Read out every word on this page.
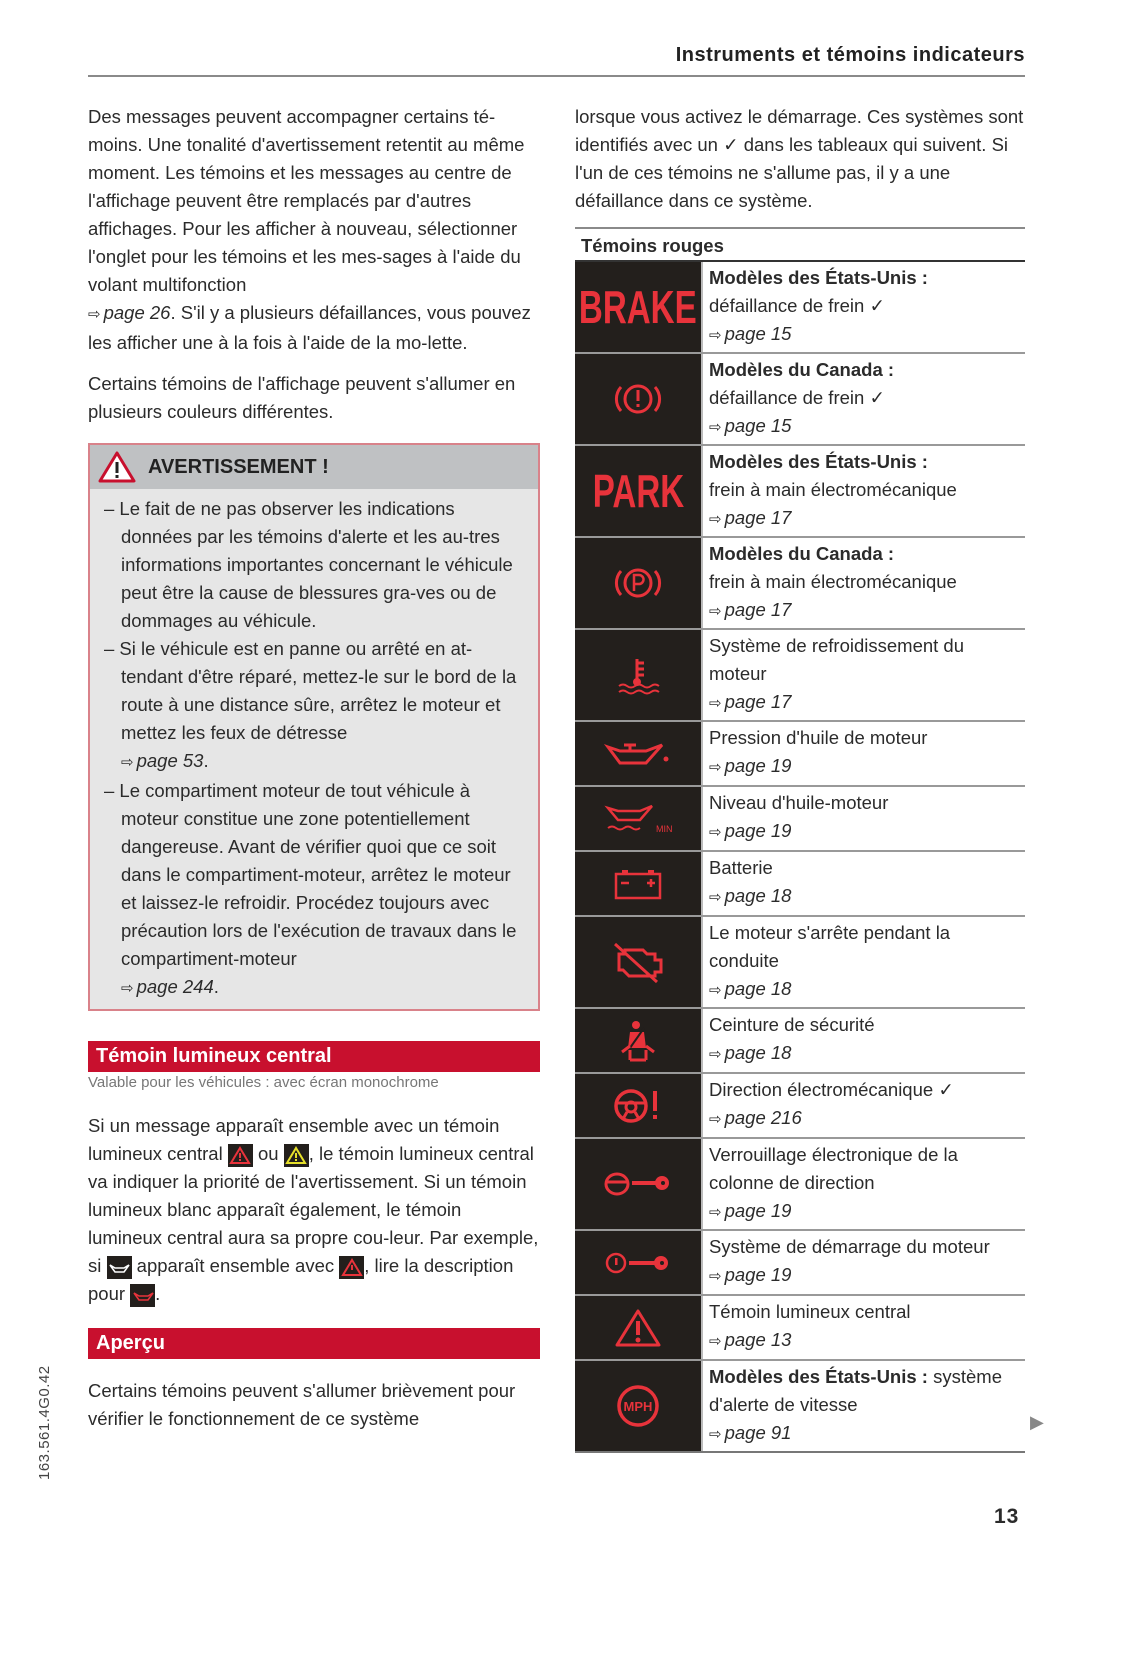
Instruments et témoins indicateurs

Des messages peuvent accompagner certains té-moins. Une tonalité d'avertissement retentit au même moment. Les témoins et les messages au centre de l'affichage peuvent être remplacés par d'autres affichages. Pour les afficher à nouveau, sélectionner l'onglet pour les témoins et les mes-sages à l'aide du volant multifonction
⇨ page 26. S'il y a plusieurs défaillances, vous pouvez les afficher une à la fois à l'aide de la mo-lette.

Certains témoins de l'affichage peuvent s'allumer en plusieurs couleurs différentes.

AVERTISSEMENT !
– Le fait de ne pas observer les indications données par les témoins d'alerte et les au-tres informations importantes concernant le véhicule peut être la cause de blessures gra-ves ou de dommages au véhicule.
– Si le véhicule est en panne ou arrêté en at-tendant d'être réparé, mettez-le sur le bord de la route à une distance sûre, arrêtez le moteur et mettez les feux de détresse
⇨ page 53.
– Le compartiment moteur de tout véhicule à moteur constitue une zone potentiellement dangereuse. Avant de vérifier quoi que ce soit dans le compartiment-moteur, arrêtez le moteur et laissez-le refroidir. Procédez toujours avec précaution lors de l'exécution de travaux dans le compartiment-moteur
⇨ page 244.
Témoin lumineux central
Valable pour les véhicules : avec écran monochrome

Si un message apparaît ensemble avec un témoin lumineux central ou , le témoin lumineux central va indiquer la priorité de l'avertissement. Si un témoin lumineux blanc apparaît également, le témoin lumineux central aura sa propre cou-leur. Par exemple, si apparaît ensemble avec , lire la description pour .

Aperçu

Certains témoins peuvent s'allumer brièvement pour vérifier le fonctionnement de ce système

lorsque vous activez le démarrage. Ces systèmes sont identifiés avec un ✓ dans les tableaux qui suivent. Si l'un de ces témoins ne s'allume pas, il y a une défaillance dans ce système.

Témoins rouges
BRAKE
Modèles des États-Unis :
défaillance de frein ✓
⇨ page 15
Modèles du Canada :
défaillance de frein ✓
⇨ page 15
PARK
Modèles des États-Unis :
frein à main électromécanique
⇨ page 17
Modèles du Canada :
frein à main électromécanique
⇨ page 17
Système de refroidissement du moteur
⇨ page 17
Pression d'huile de moteur
⇨ page 19
MIN
Niveau d'huile-moteur
⇨ page 19
Batterie
⇨ page 18
Le moteur s'arrête pendant la conduite
⇨ page 18
Ceinture de sécurité
⇨ page 18
Direction électromécanique ✓
⇨ page 216
Verrouillage électronique de la colonne de direction
⇨ page 19
Système de démarrage du moteur
⇨ page 19
Témoin lumineux central
⇨ page 13
MPH
Modèles des États-Unis : système d'alerte de vitesse
⇨ page 91
163.561.4G0.42	▶
13
